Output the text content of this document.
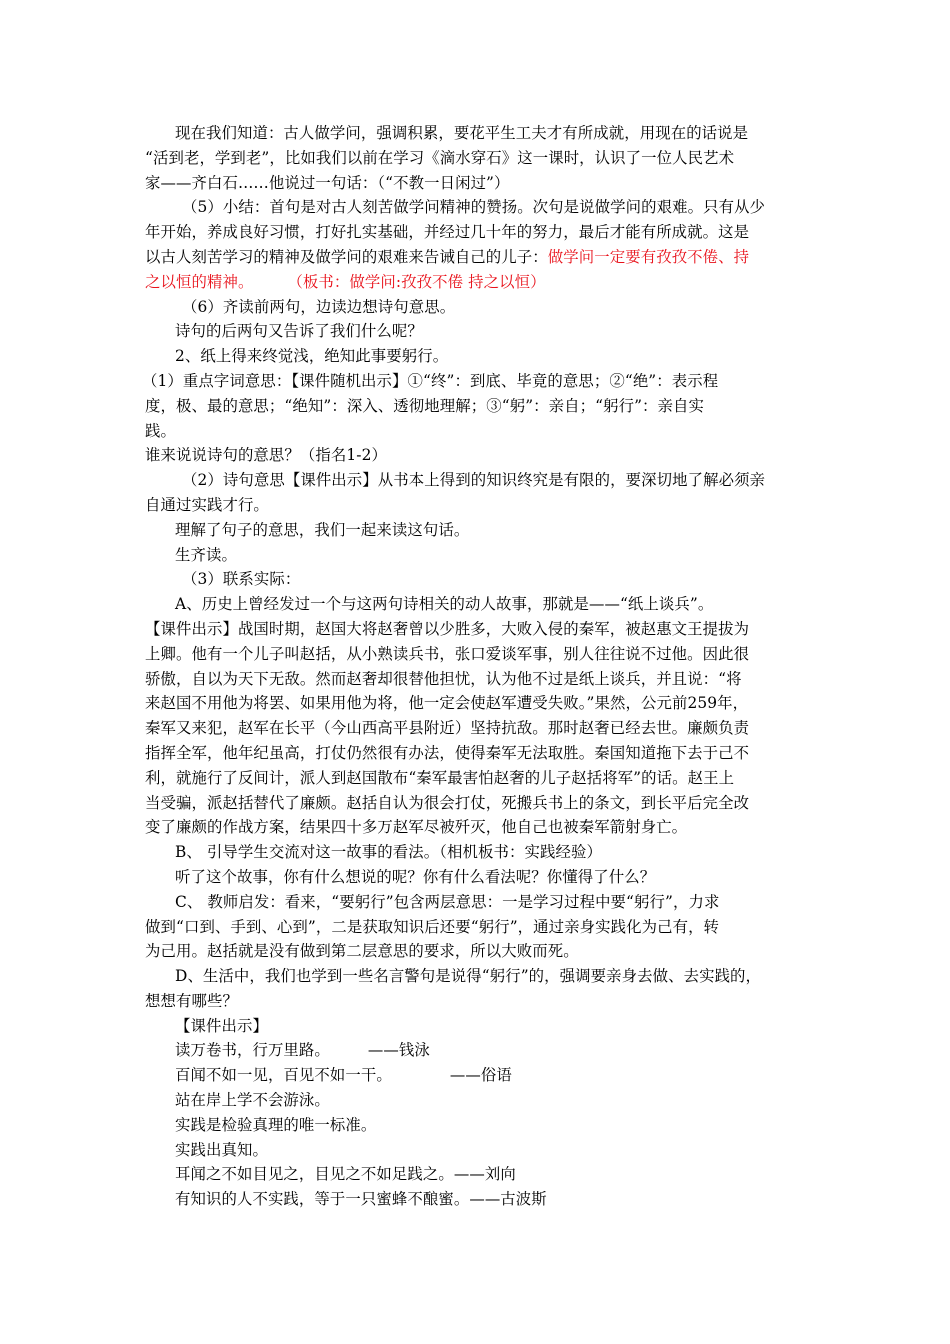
现在我们知道：古人做学问，强调积累，要花平生工夫才有所成就，用现在的话说是
“活到老，学到老”，比如我们以前在学习《滴水穿石》这一课时，认识了一位人民艺术
家——齐白石……他说过一句话：（“不教一日闲过”）
（5）小结：首句是对古人刻苦做学问精神的赞扬。次句是说做学问的艰难。只有从少
年开始，养成良好习惯，打好扎实基础，并经过几十年的努力，最后才能有所成就。这是
以古人刻苦学习的精神及做学问的艰难来告诫自己的儿子：做学问一定要有孜孜不倦、持
之以恒的精神。 （板书：做学问:孜孜不倦 持之以恒）
（6）齐读前两句，边读边想诗句意思。
诗句的后两句又告诉了我们什么呢？
2、纸上得来终觉浅，绝知此事要躬行。
（1）重点字词意思：【课件随机出示】①“终”：到底、毕竟的意思；②“绝”：表示程
度，极、最的意思；“绝知”：深入、透彻地理解；③“躬”：亲自；“躬行”：亲自实
践。
谁来说说诗句的意思？（指名1-2）
（2）诗句意思【课件出示】从书本上得到的知识终究是有限的，要深切地了解必须亲
自通过实践才行。
理解了句子的意思，我们一起来读这句话。
生齐读。
（3）联系实际：
A、历史上曾经发过一个与这两句诗相关的动人故事，那就是——“纸上谈兵”。
【课件出示】战国时期，赵国大将赵奢曾以少胜多，大败入侵的秦军，被赵惠文王提拔为
上卿。他有一个儿子叫赵括，从小熟读兵书，张口爱谈军事，别人往往说不过他。因此很
骄傲，自以为天下无敌。然而赵奢却很替他担忧，认为他不过是纸上谈兵，并且说：“将
来赵国不用他为将罢、如果用他为将，他一定会使赵军遭受失败。”果然，公元前259年，
秦军又来犯，赵军在长平（今山西高平县附近）坚持抗敌。那时赵奢已经去世。廉颇负责
指挥全军，他年纪虽高，打仗仍然很有办法，使得秦军无法取胜。秦国知道拖下去于己不
利，就施行了反间计，派人到赵国散布“秦军最害怕赵奢的儿子赵括将军”的话。赵王上
当受骗，派赵括替代了廉颇。赵括自认为很会打仗，死搬兵书上的条文，到长平后完全改
变了廉颇的作战方案，结果四十多万赵军尽被歼灭，他自己也被秦军箭射身亡。
B、 引导学生交流对这一故事的看法。（相机板书：实践经验）
听了这个故事，你有什么想说的呢？你有什么看法呢？你懂得了什么？
C、 教师启发：看来，“要躬行”包含两层意思：一是学习过程中要“躬行”，力求
做到“口到、手到、心到”，二是获取知识后还要“躬行”，通过亲身实践化为己有，转
为己用。赵括就是没有做到第二层意思的要求，所以大败而死。
D、生活中，我们也学到一些名言警句是说得“躬行”的，强调要亲身去做、去实践的，
想想有哪些？
【课件出示】
读万卷书，行万里路。 ——钱泳
百闻不如一见，百见不如一干。	——俗语
站在岸上学不会游泳。
实践是检验真理的唯一标准。
实践出真知。
耳闻之不如目见之，目见之不如足践之。——刘向
有知识的人不实践，等于一只蜜蜂不酿蜜。——古波斯
